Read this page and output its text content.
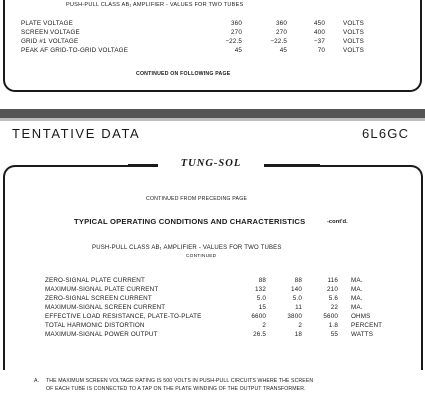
PUSH-PULL CLASS AB₁ AMPLIFIER - VALUES FOR TWO TUBES
PLATE VOLTAGE	360	360	450	VOLTS
SCREEN VOLTAGE	270	270	400	VOLTS
GRID #1 VOLTAGE	−22.5	−22.5	−37	VOLTS
PEAK AF GRID-TO-GRID VOLTAGE	45	45	70	VOLTS
CONTINUED ON FOLLOWING PAGE
TENTATIVE DATA	6L6GC
TUNG-SOL
CONTINUED FROM PRECEDING PAGE
TYPICAL OPERATING CONDITIONS AND CHARACTERISTICS	-cont'd.
PUSH-PULL CLASS AB₁ AMPLIFIER - VALUES FOR TWO TUBES
CONTINUED
ZERO-SIGNAL PLATE CURRENT	88	88	116 MA.
MAXIMUM-SIGNAL PLATE CURRENT	132	140	210 MA.
ZERO-SIGNAL SCREEN CURRENT	5.0	5.0	5.6 MA.
MAXIMUM-SIGNAL SCREEN CURRENT	15	11	22 MA.
EFFECTIVE LOAD RESISTANCE, PLATE-TO-PLATE	6600	3800	5600 OHMS
TOTAL HARMONIC DISTORTION	2	2	1.8 PERCENT
MAXIMUM-SIGNAL POWER OUTPUT	26.5	18	55 WATTS
A. THE MAXIMUM SCREEN VOLTAGE RATING IS 500 VOLTS IN PUSH-PULL CIRCUITS WHERE THE SCREEN
OF EACH TUBE IS CONNECTED TO A TAP ON THE PLATE WINDING OF THE OUTPUT TRANSFORMER.
